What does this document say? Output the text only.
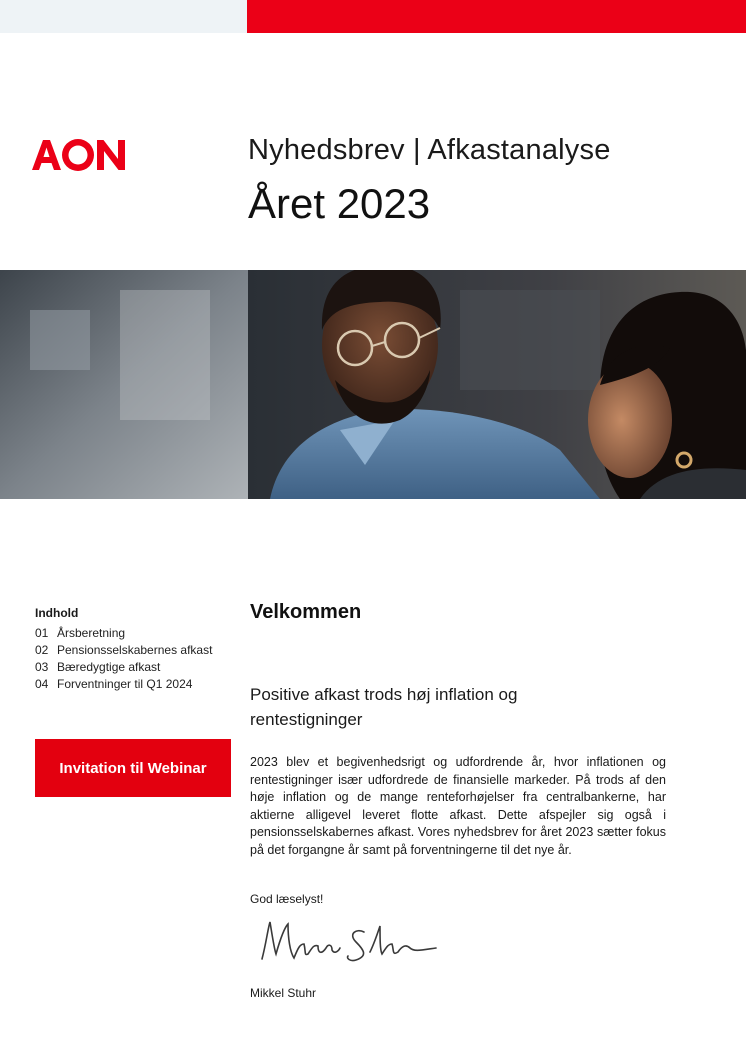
Nyhedsbrev | Afkastanalyse
Året 2023
Indhold
01 Årsberetning
02 Pensionsselskabernes afkast
03 Bæredygtige afkast
04 Forventninger til Q1 2024
Invitation til Webinar
Velkommen
Positive afkast trods høj inflation og rentestigninger
2023 blev et begivenhedsrigt og udfordrende år, hvor inflationen og rentestigninger især udfordrede de finansielle markeder. På trods af den høje inflation og de mange renteforhøjelser fra centralbankerne, har aktierne alligevel leveret flotte afkast. Dette afspejler sig også i pensionsselskabernes afkast. Vores nyhedsbrev for året 2023 sætter fokus på det forgangne år samt på forventningerne til det nye år.
God læselyst!
Mikkel Stuhr
